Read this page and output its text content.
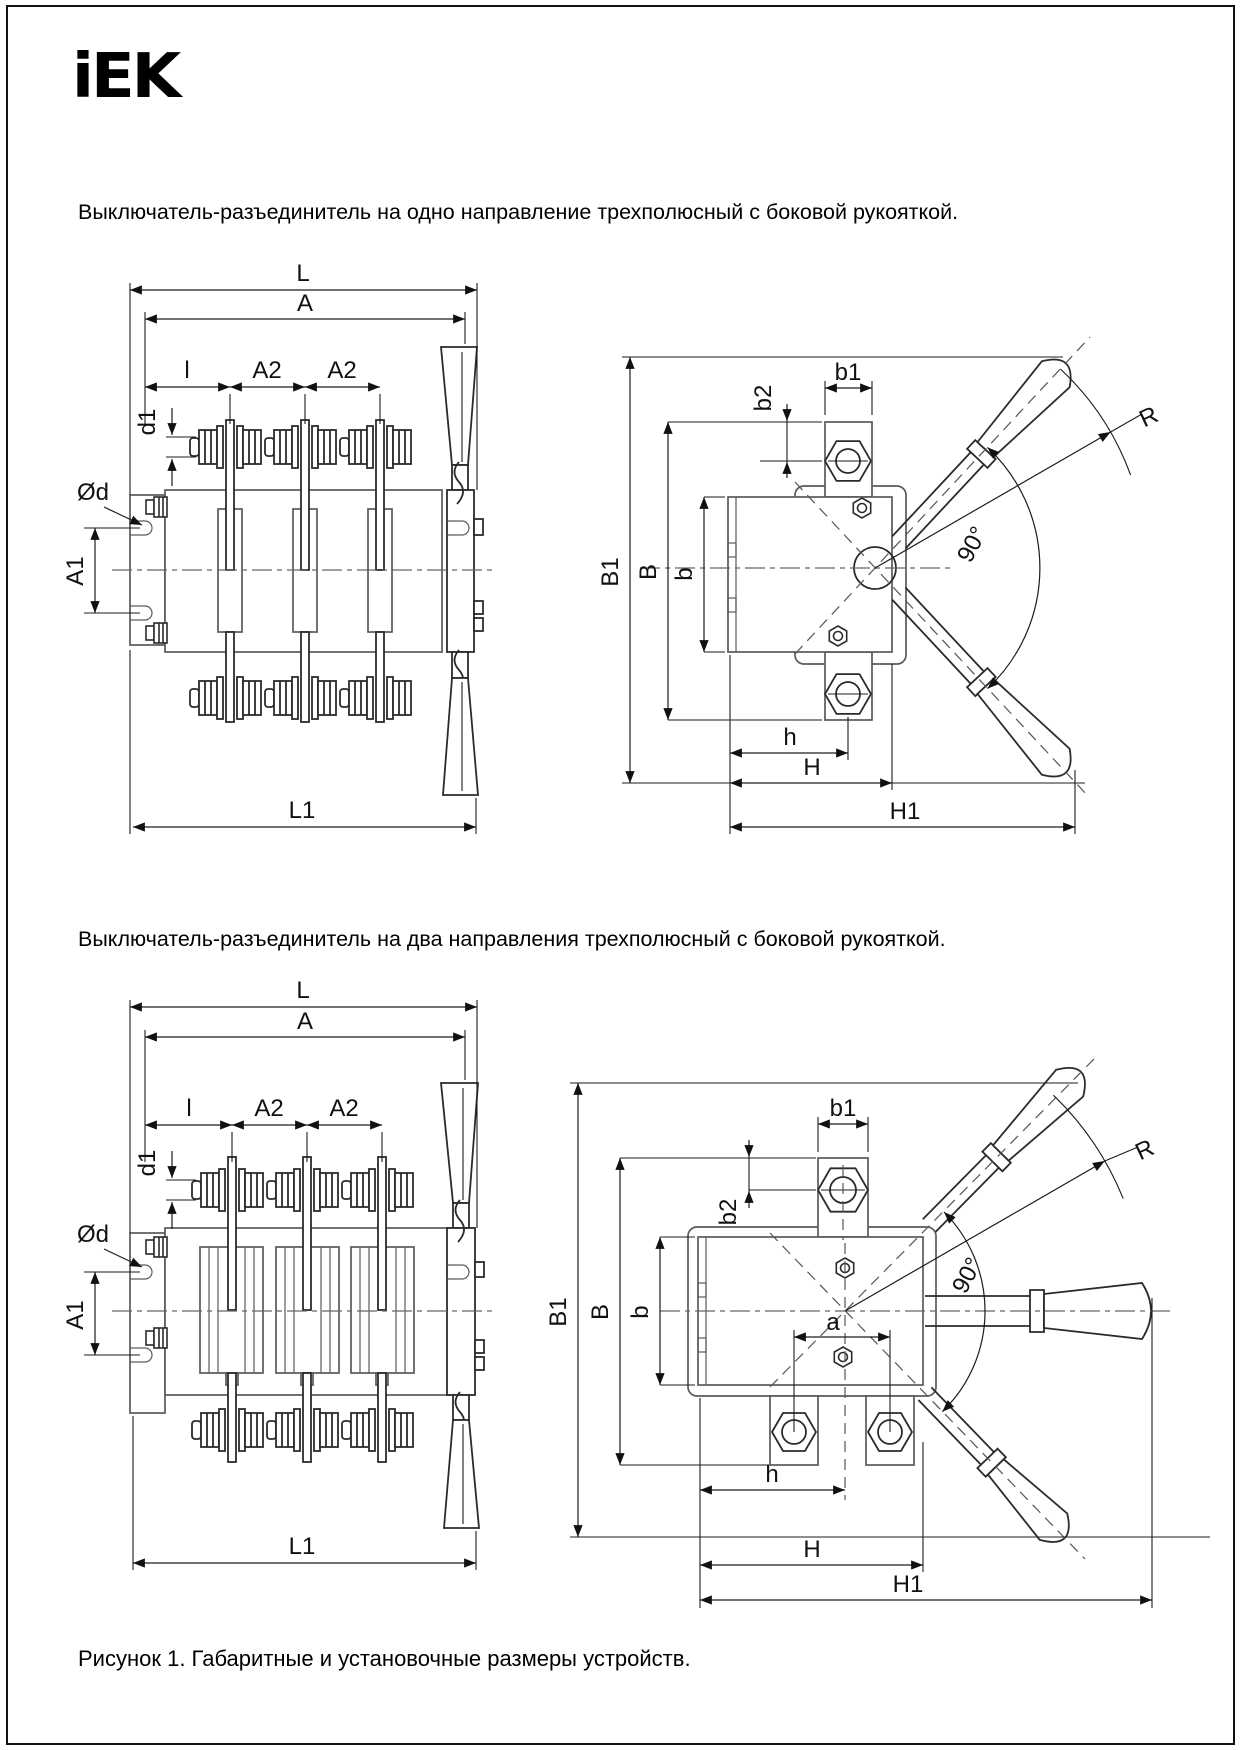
iEK
Выключатель-разъединитель на одно направление трехполюсный с боковой рукояткой.
Выключатель-разъединитель на два направления трехполюсный с боковой рукояткой.
Рисунок 1. Габаритные и установочные размеры устройств.
L
A
l	A2 A2
d1
Ød
A1
L1
B1 B b
b1
b2
h
H
H1
R
90°
L
A
l	A2 A2
d1
Ød
A1
L1
B1 B b
b1
b2
a
h
H
H1
R
90°
